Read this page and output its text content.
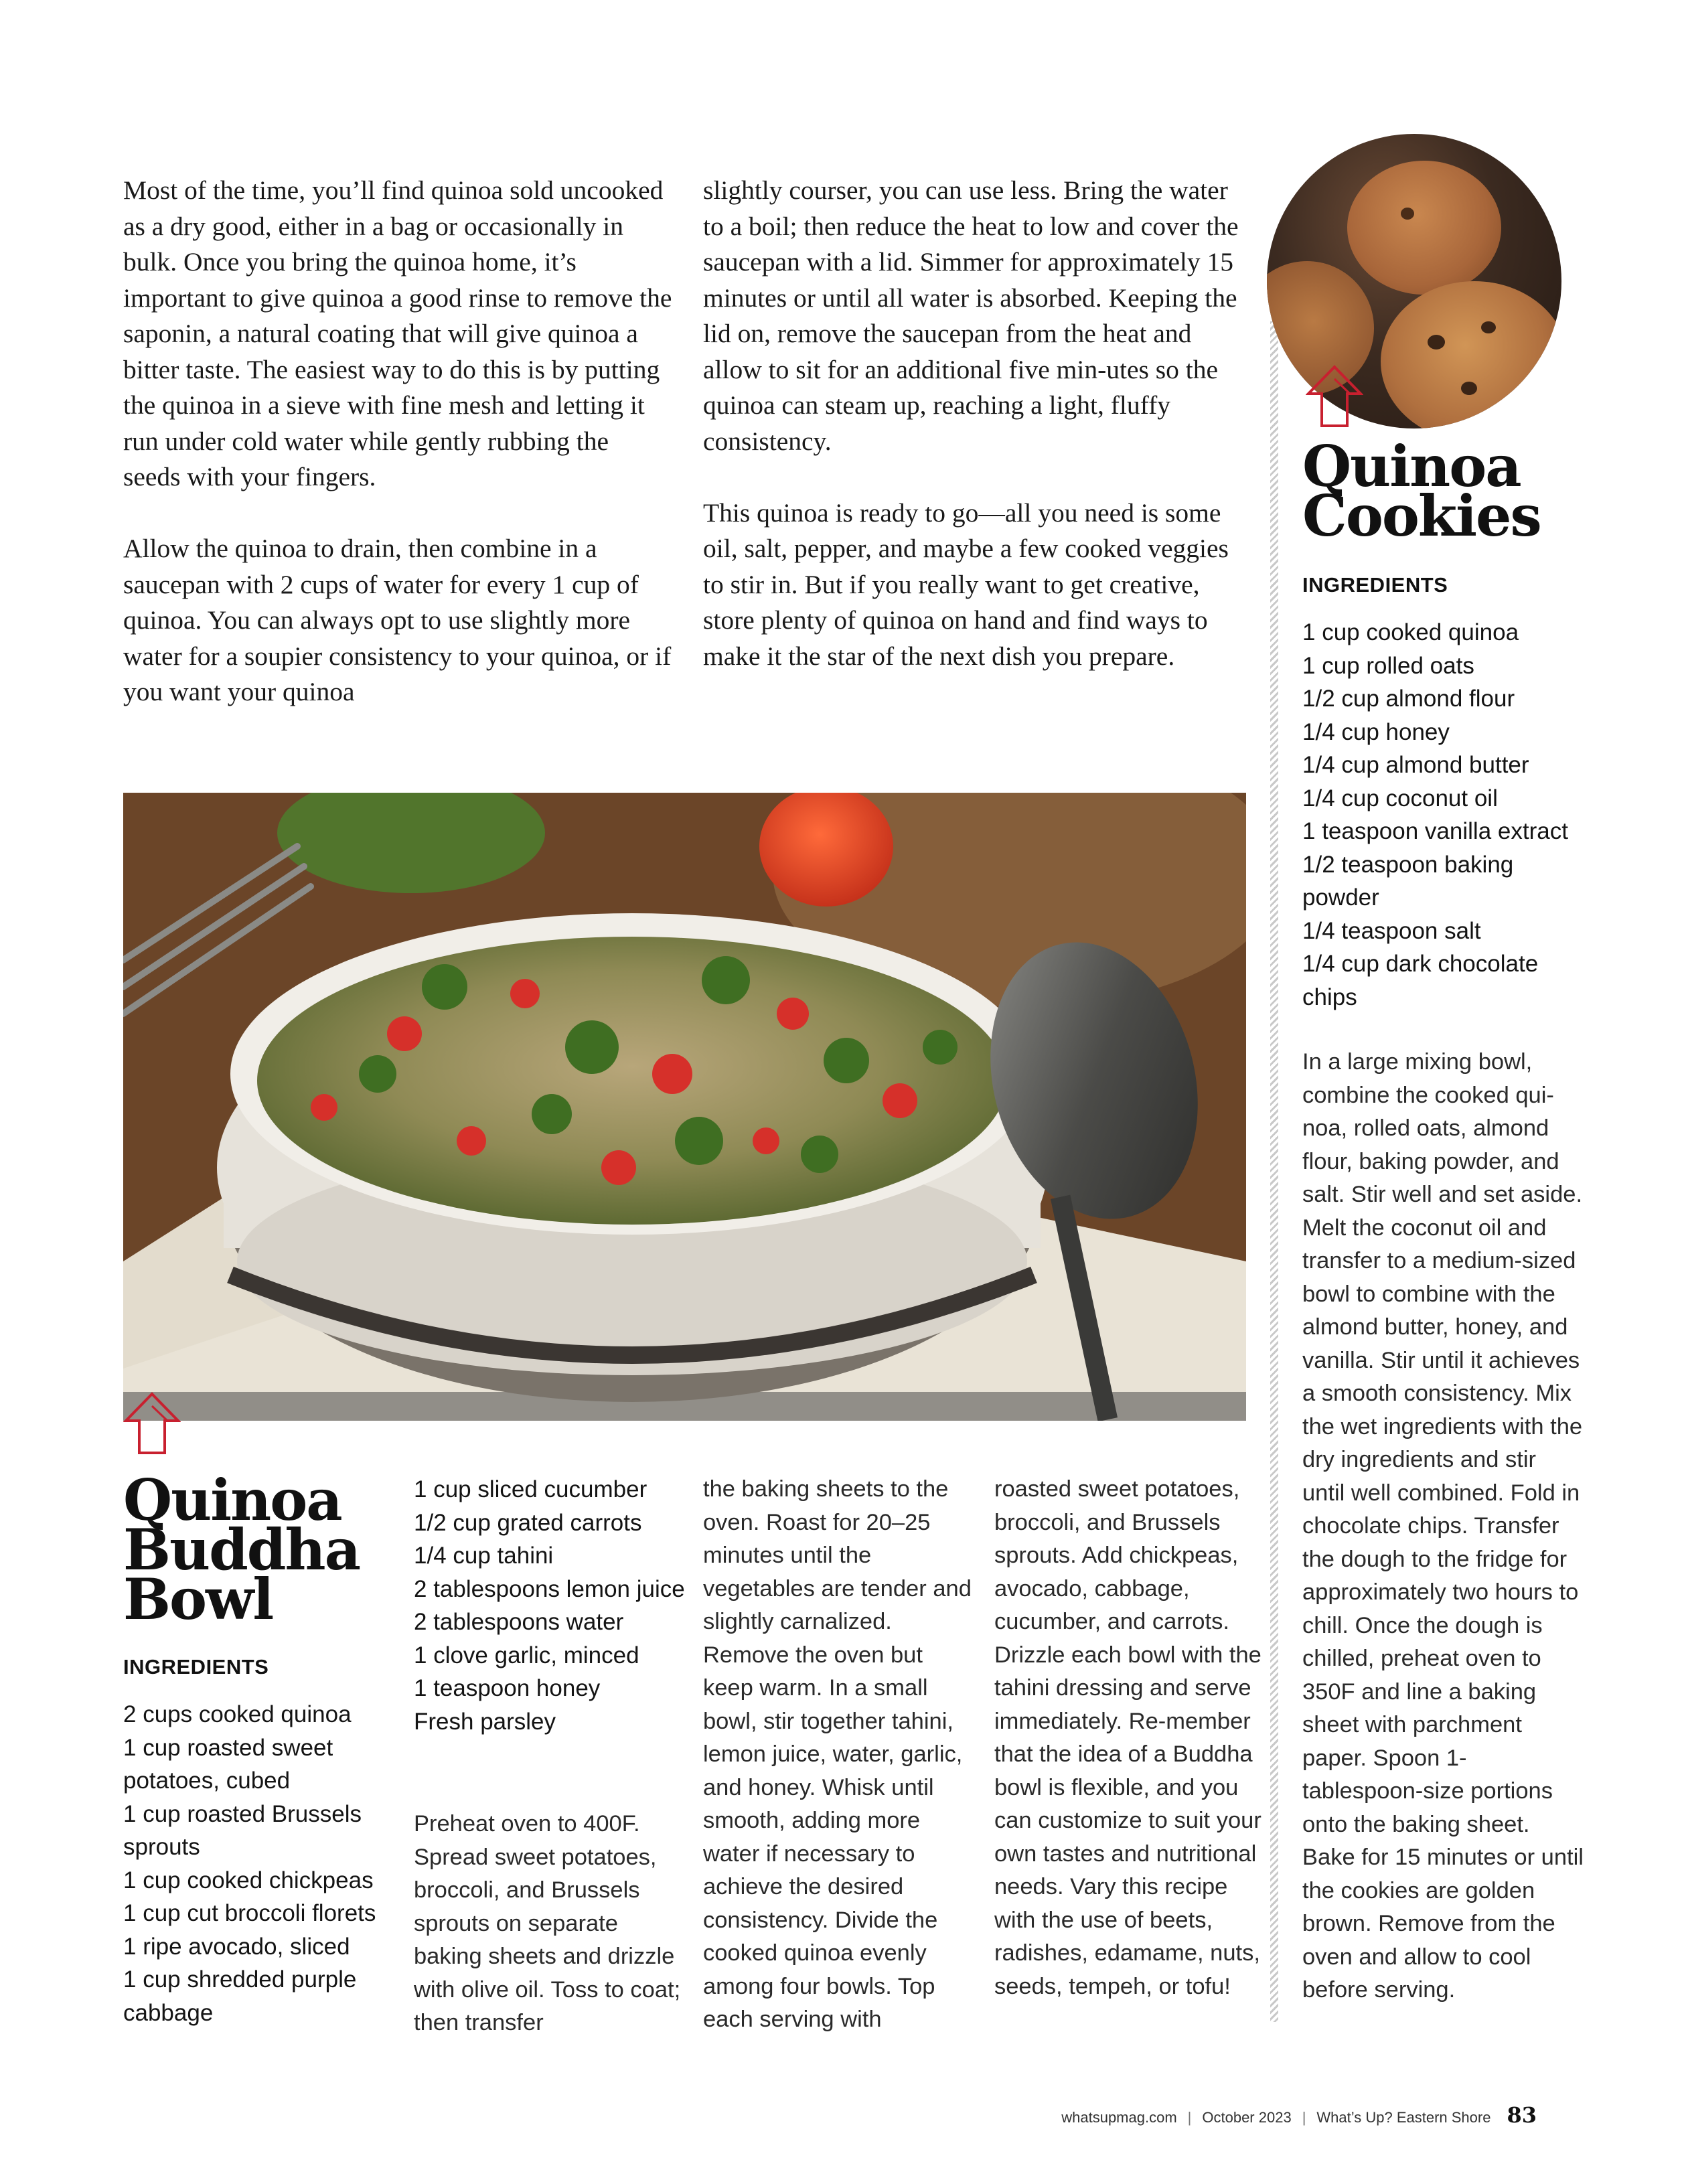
Most of the time, you’ll find quinoa sold uncooked as a dry good, either in a bag or occasionally in bulk. Once you bring the quinoa home, it’s important to give quinoa a good rinse to remove the saponin, a natural coating that will give quinoa a bitter taste. The easiest way to do this is by putting the quinoa in a sieve with fine mesh and letting it run under cold water while gently rubbing the seeds with your fingers.

Allow the quinoa to drain, then combine in a saucepan with 2 cups of water for every 1 cup of quinoa. You can always opt to use slightly more water for a soupier consistency to your quinoa, or if you want your quinoa

slightly courser, you can use less. Bring the water to a boil; then reduce the heat to low and cover the saucepan with a lid. Simmer for approximately 15 minutes or until all water is absorbed. Keeping the lid on, remove the saucepan from the heat and allow to sit for an additional five min-utes so the quinoa can steam up, reaching a light, fluffy consistency.

This quinoa is ready to go—all you need is some oil, salt, pepper, and maybe a few cooked veggies to stir in. But if you really want to get creative, store plenty of quinoa on hand and find ways to make it the star of the next dish you prepare.

Quinoa
Cookies
INGREDIENTS
1 cup cooked quinoa
1 cup rolled oats
1/2 cup almond flour
1/4 cup honey
1/4 cup almond butter
1/4 cup coconut oil
1 teaspoon vanilla extract
1/2 teaspoon baking powder
1/4 teaspoon salt
1/4 cup dark chocolate chips

In a large mixing bowl, combine the cooked qui-noa, rolled oats, almond flour, baking powder, and salt. Stir well and set aside. Melt the coconut oil and transfer to a medium-sized bowl to combine with the almond butter, honey, and vanilla. Stir until it achieves a smooth consistency. Mix the wet ingredients with the dry ingredients and stir until well combined. Fold in chocolate chips. Transfer the dough to the fridge for approximately two hours to chill. Once the dough is chilled, preheat oven to 350F and line a baking sheet with parchment paper. Spoon 1-tablespoon-size portions onto the baking sheet. Bake for 15 minutes or until the cookies are golden brown. Remove from the oven and allow to cool before serving.

Quinoa
Buddha
Bowl
INGREDIENTS
2 cups cooked quinoa
1 cup roasted sweet potatoes, cubed
1 cup roasted Brussels sprouts
1 cup cooked chickpeas
1 cup cut broccoli florets
1 ripe avocado, sliced
1 cup shredded purple cabbage
1 cup sliced cucumber
1/2 cup grated carrots
1/4 cup tahini
2 tablespoons lemon juice
2 tablespoons water
1 clove garlic, minced
1 teaspoon honey
Fresh parsley

Preheat oven to 400F. Spread sweet potatoes, broccoli, and Brussels sprouts on separate baking sheets and drizzle with olive oil. Toss to coat; then transfer

the baking sheets to the oven. Roast for 20–25 minutes until the vegetables are tender and slightly carnalized. Remove the oven but keep warm. In a small bowl, stir together tahini, lemon juice, water, garlic, and honey. Whisk until smooth, adding more water if necessary to achieve the desired consistency. Divide the cooked quinoa evenly among four bowls. Top each serving with

roasted sweet potatoes, broccoli, and Brussels sprouts. Add chickpeas, avocado, cabbage, cucumber, and carrots. Drizzle each bowl with the tahini dressing and serve immediately. Re-member that the idea of a Buddha bowl is flexible, and you can customize to suit your own tastes and nutritional needs. Vary this recipe with the use of beets, radishes, edamame, nuts, seeds, tempeh, or tofu!

whatsupmag.com | October 2023 | What’s Up? Eastern Shore 83
